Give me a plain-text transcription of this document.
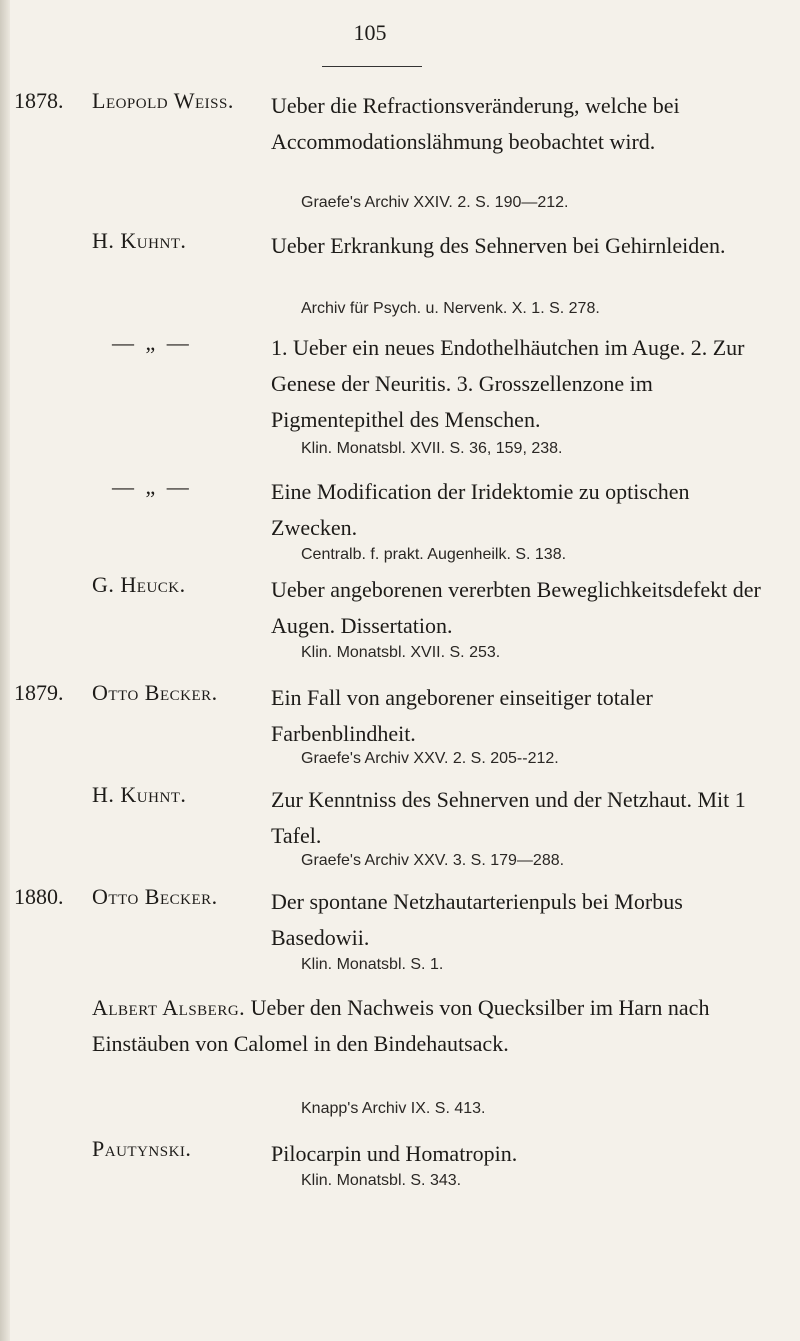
105
1878. Leopold Weiss. Ueber die Refractionsveränderung, welche bei Accommodationslähmung beobachtet wird.
Graefe's Archiv XXIV. 2. S. 190—212.
H. Kuhnt.	Ueber Erkrankung des Sehnerven bei Gehirnleiden.
Archiv für Psych. u. Nervenk. X. 1. S. 278.
— „ —	1. Ueber ein neues Endothelhäutchen im Auge. 2. Zur Genese der Neuritis. 3. Grosszellenzone im Pigmentepithel des Menschen.
Klin. Monatsbl. XVII. S. 36, 159, 238.
— „ —	Eine Modification der Iridektomie zu optischen Zwecken.
Centralb. f. prakt. Augenheilk. S. 138.
G. Heuck.	Ueber angeborenen vererbten Beweglichkeitsdefekt der Augen. Dissertation.
Klin. Monatsbl. XVII. S. 253.
1879. Otto Becker. Ein Fall von angeborener einseitiger totaler Farbenblindheit.
Graefe's Archiv XXV. 2. S. 205--212.
H. Kuhnt.	Zur Kenntniss des Sehnerven und der Netzhaut. Mit 1 Tafel.
Graefe's Archiv XXV. 3. S. 179—288.
1880. Otto Becker. Der spontane Netzhautarterienpuls bei Morbus Basedowii.
Klin. Monatsbl. S. 1.
Albert Alsberg. Ueber den Nachweis von Quecksilber im Harn nach Einstäuben von Calomel in den Bindehautsack.
Knapp's Archiv IX. S. 413.
Pautynski.	Pilocarpin und Homatropin.
Klin. Monatsbl. S. 343.
